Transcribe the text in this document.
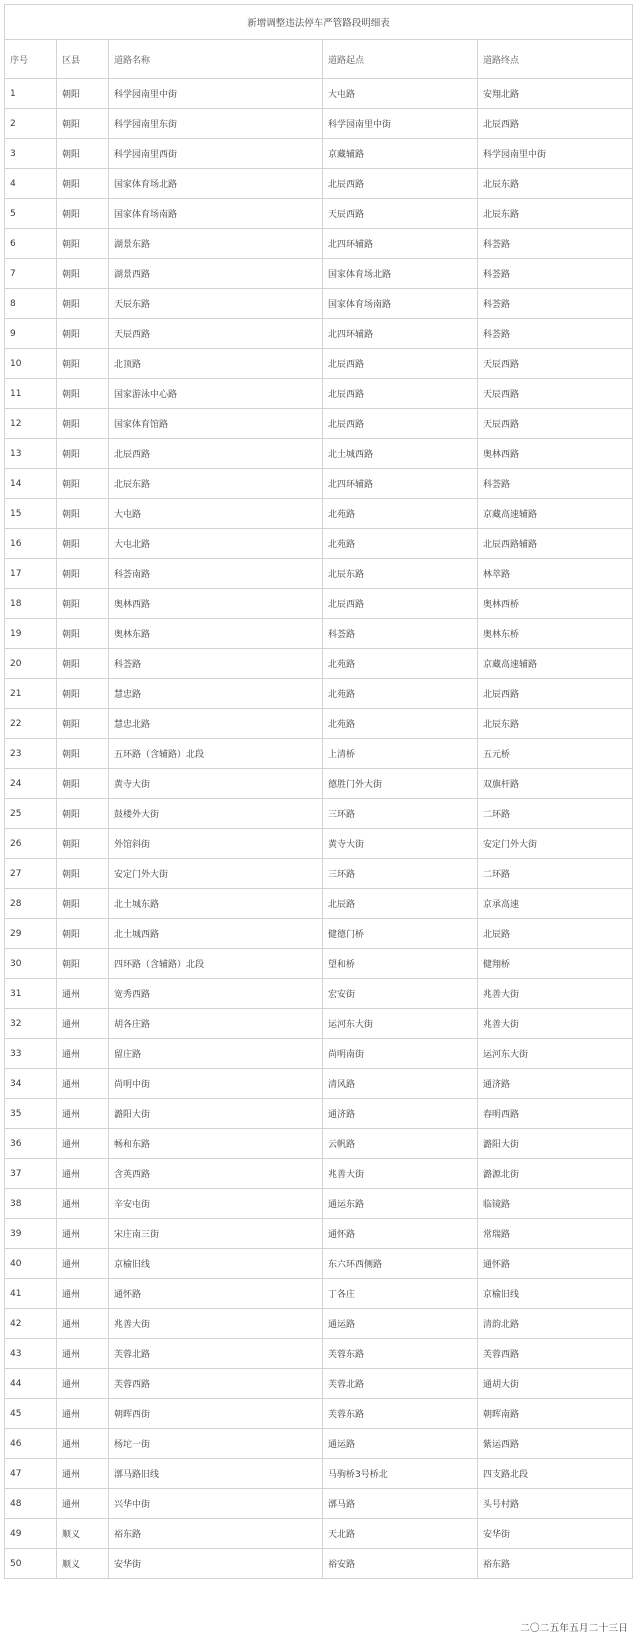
新增调整违法停车严管路段明细表				
序号	区县	道路名称	道路起点	道路终点
1	朝阳	科学园南里中街	大屯路	安翔北路
2	朝阳	科学园南里东街	科学园南里中街	北辰西路
3	朝阳	科学园南里西街	京藏辅路	科学园南里中街
4	朝阳	国家体育场北路	北辰西路	北辰东路
5	朝阳	国家体育场南路	天辰西路	北辰东路
6	朝阳	湖景东路	北四环辅路	科荟路
7	朝阳	湖景西路	国家体育场北路	科荟路
8	朝阳	天辰东路	国家体育场南路	科荟路
9	朝阳	天辰西路	北四环辅路	科荟路
10	朝阳	北顶路	北辰西路	天辰西路
11	朝阳	国家游泳中心路	北辰西路	天辰西路
12	朝阳	国家体育馆路	北辰西路	天辰西路
13	朝阳	北辰西路	北土城西路	奥林西路
14	朝阳	北辰东路	北四环辅路	科荟路
15	朝阳	大屯路	北苑路	京藏高速辅路
16	朝阳	大屯北路	北苑路	北辰西路辅路
17	朝阳	科荟南路	北辰东路	林萃路
18	朝阳	奥林西路	北辰西路	奥林西桥
19	朝阳	奥林东路	科荟路	奥林东桥
20	朝阳	科荟路	北苑路	京藏高速辅路
21	朝阳	慧忠路	北苑路	北辰西路
22	朝阳	慧忠北路	北苑路	北辰东路
23	朝阳	五环路（含辅路）北段	上清桥	五元桥
24	朝阳	黄寺大街	德胜门外大街	双旗杆路
25	朝阳	鼓楼外大街	三环路	二环路
26	朝阳	外馆斜街	黄寺大街	安定门外大街
27	朝阳	安定门外大街	三环路	二环路
28	朝阳	北土城东路	北辰路	京承高速
29	朝阳	北土城西路	健德门桥	北辰路
30	朝阳	四环路（含辅路）北段	望和桥	健翔桥
31	通州	宽秀西路	宏安街	兆善大街
32	通州	胡各庄路	运河东大街	兆善大街
33	通州	留庄路	尚明南街	运河东大街
34	通州	尚明中街	清风路	通济路
35	通州	潞阳大街	通济路	春明西路
36	通州	畅和东路	云帆路	潞阳大街
37	通州	含英西路	兆善大街	潞源北街
38	通州	辛安屯街	通运东路	临镜路
39	通州	宋庄南三街	通怀路	常瑞路
40	通州	京榆旧线	东六环西侧路	通怀路
41	通州	通怀路	丁各庄	京榆旧线
42	通州	兆善大街	通运路	清韵北路
43	通州	芙蓉北路	芙蓉东路	芙蓉西路
44	通州	芙蓉西路	芙蓉北路	通胡大街
45	通州	朝晖西街	芙蓉东路	朝晖南路
46	通州	杨坨一街	通运路	紫运西路
47	通州	漷马路旧线	马驹桥3号桥北	四支路北段
48	通州	兴华中街	漷马路	头号村路
49	顺义	裕东路	天北路	安华街
50	顺义	安华街	裕安路	裕东路
二〇二五年五月二十三日
